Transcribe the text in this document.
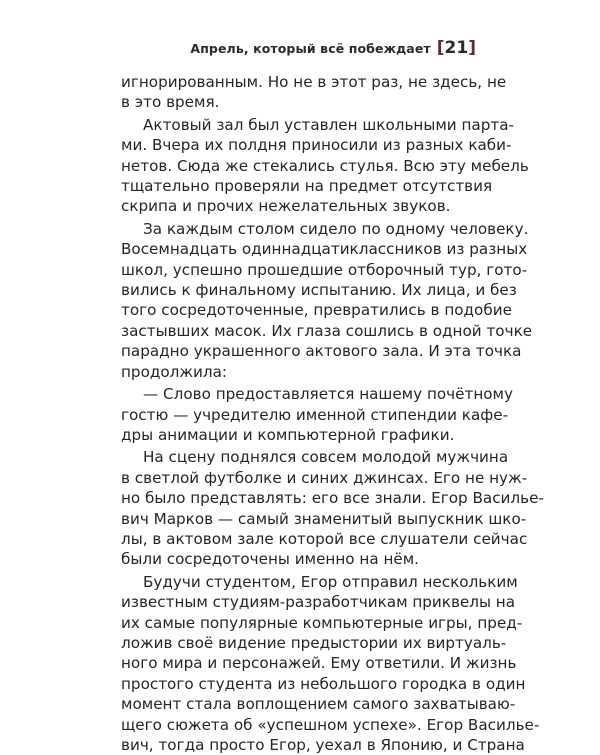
Апрель, который всё побеждает [ 21 ]

игнорированным. Но не в этот раз, не здесь, не
в это время.

Актовый зал был уставлен школьными парта-
ми. Вчера их полдня приносили из разных каби-
нетов. Сюда же стекались стулья. Всю эту мебель
тщательно проверяли на предмет отсутствия
скрипа и прочих нежелательных звуков.

За каждым столом сидело по одному человеку.
Восемнадцать одиннадцатиклассников из разных
школ, успешно прошедшие отборочный тур, гото-
вились к финальному испытанию. Их лица, и без
того сосредоточенные, превратились в подобие
застывших масок. Их глаза сошлись в одной точке
парадно украшенного актового зала. И эта точка
продолжила:

— Слово предоставляется нашему почётному
гостю — учредителю именной стипендии кафе-
дры анимации и компьютерной графики.

На сцену поднялся совсем молодой мужчина
в светлой футболке и синих джинсах. Его не нуж-
но было представлять: его все знали. Егор Василье-
вич Марков — самый знаменитый выпускник шко-
лы, в актовом зале которой все слушатели сейчас
были сосредоточены именно на нём.

Будучи студентом, Егор отправил нескольким
известным студиям-разработчикам приквелы на
их самые популярные компьютерные игры, пред-
ложив своё видение предыстории их виртуаль-
ного мира и персонажей. Ему ответили. И жизнь
простого студента из небольшого городка в один
момент стала воплощением самого захватываю-
щего сюжета об «успешном успехе». Егор Василье-
вич, тогда просто Егор, уехал в Японию, и Страна
